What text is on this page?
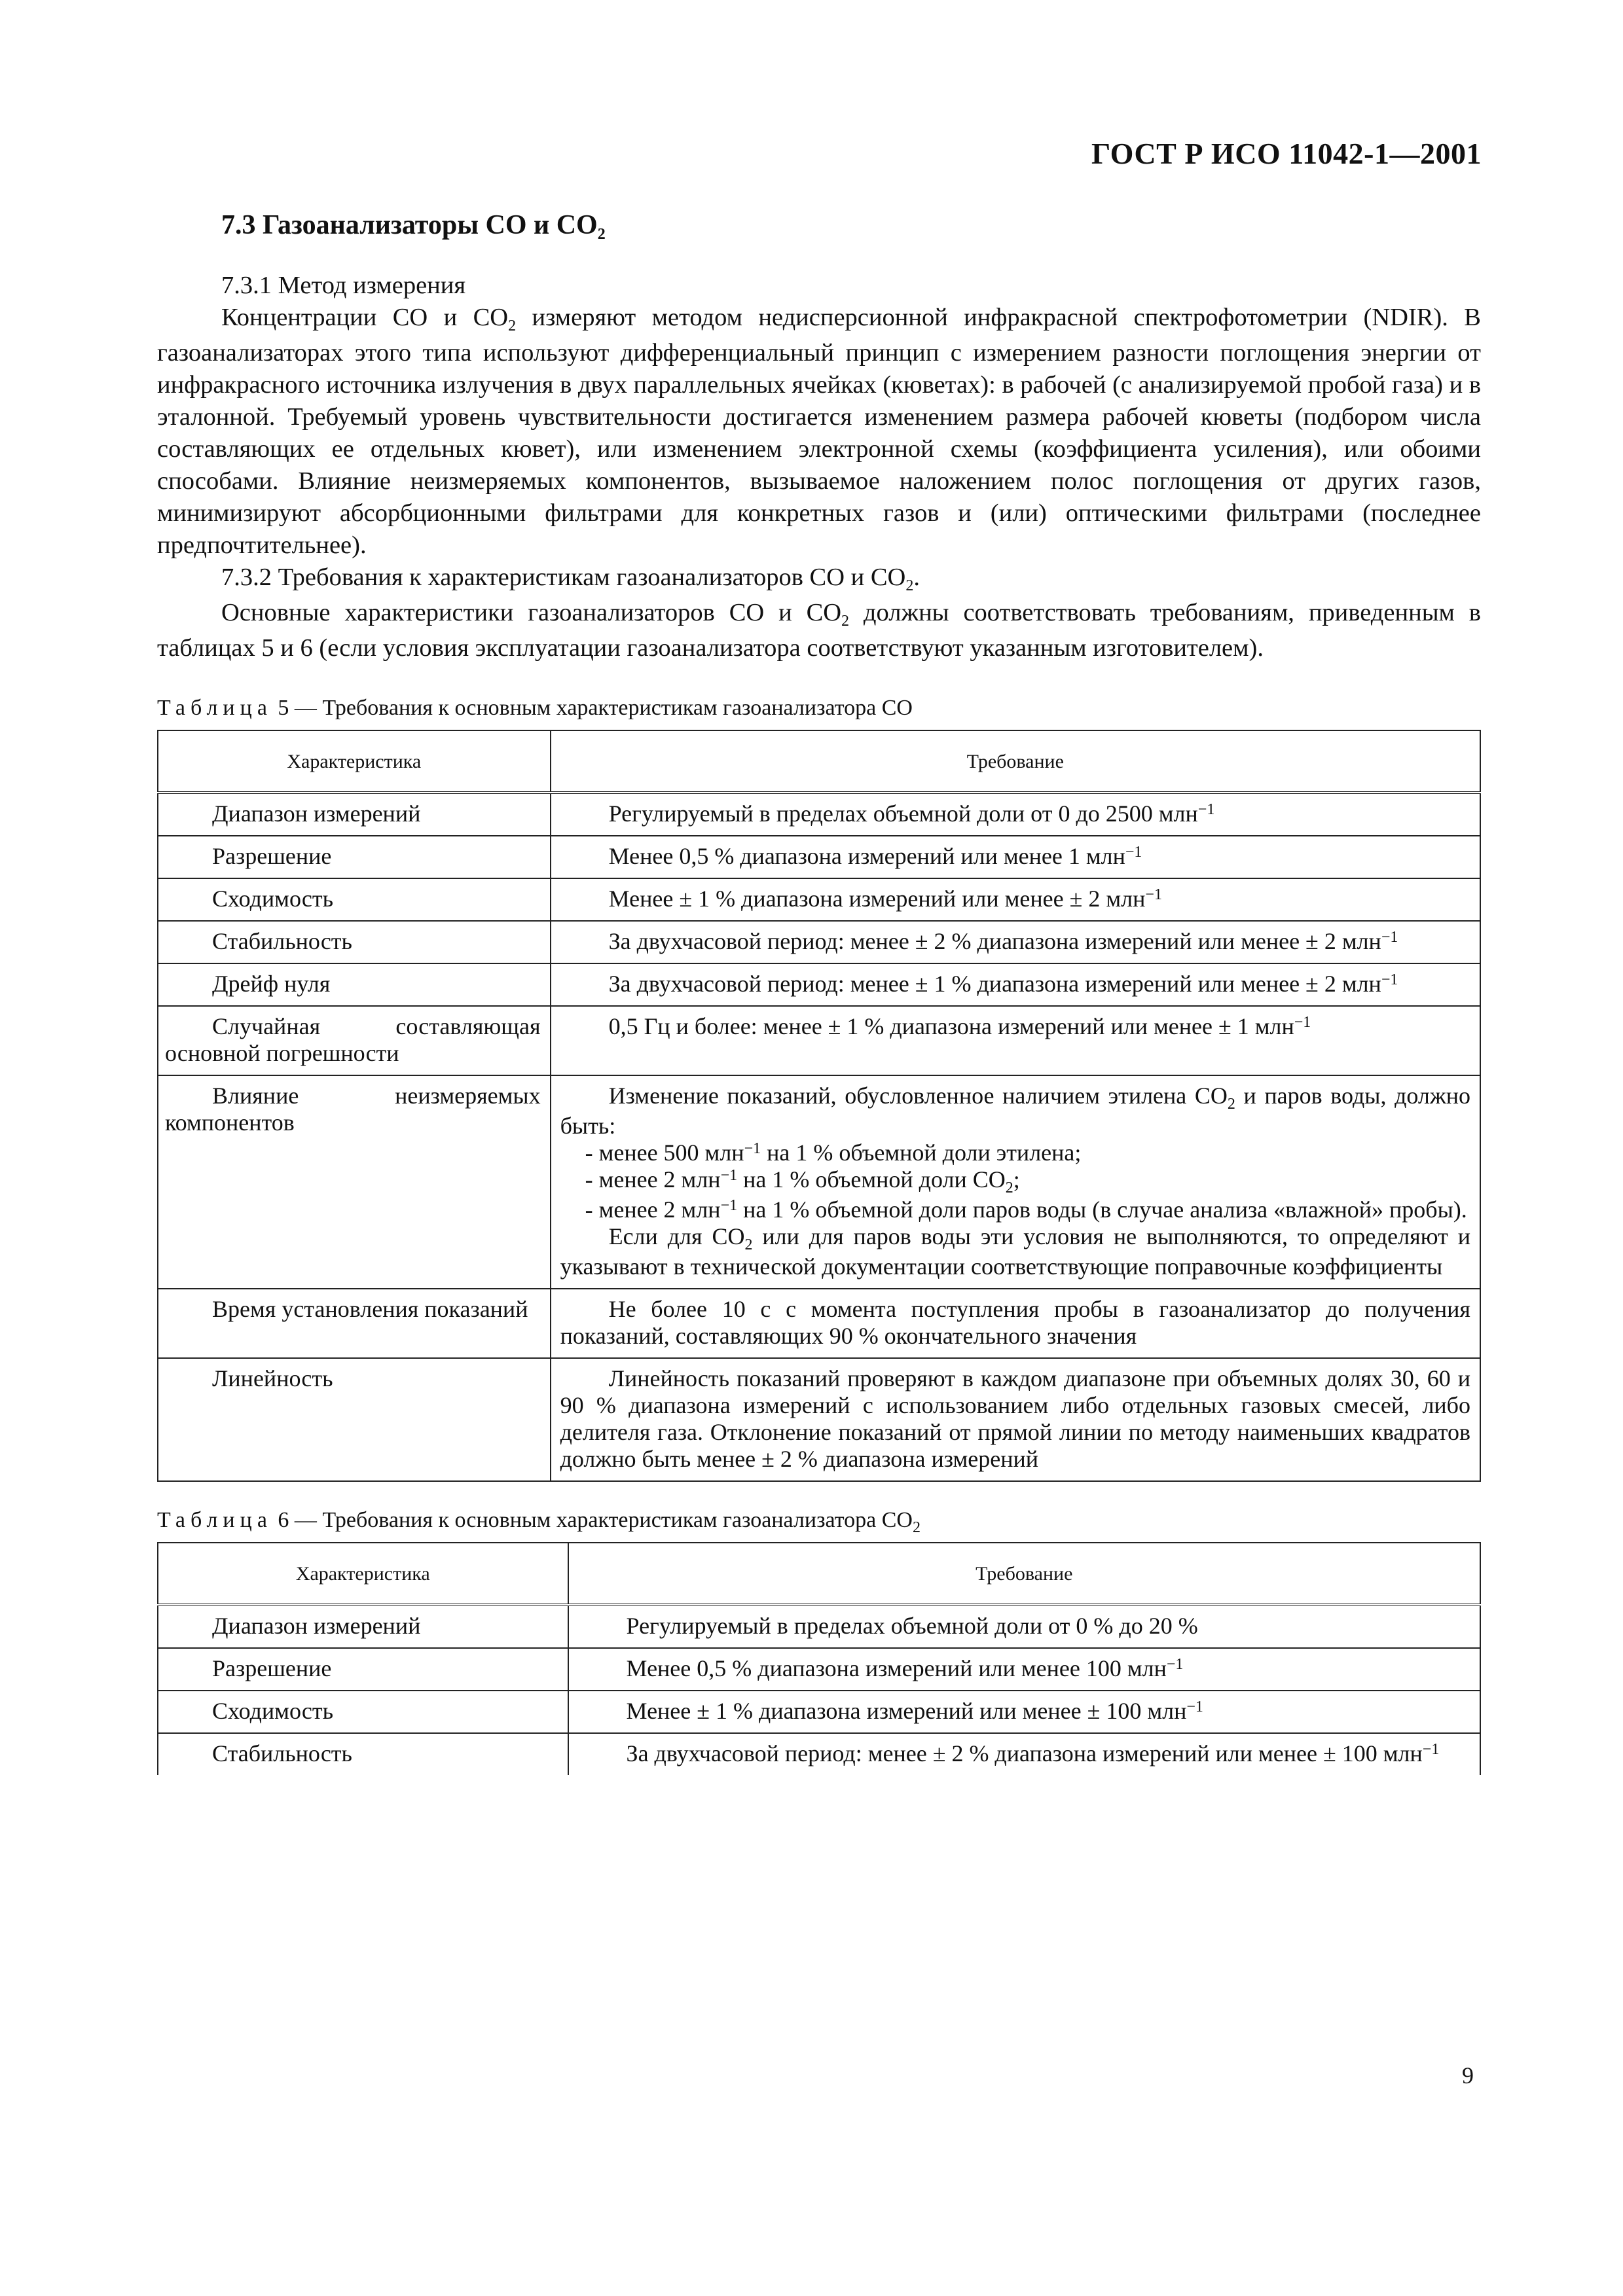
ГОСТ Р ИСО 11042-1—2001
7.3 Газоанализаторы СО и $СО_2$
7.3.1 Метод измерения
Концентрации СО и $СО_2$ измеряют методом недисперсионной инфракрасной спектрофотометрии (NDIR). В газоанализаторах этого типа используют дифференциальный принцип с измерением разности поглощения энергии от инфракрасного источника излучения в двух параллельных ячейках (кюветах): в рабочей (с анализируемой пробой газа) и в эталонной. Требуемый уровень чувствительности достигается изменением размера рабочей кюветы (подбором числа составляющих ее отдельных кювет), или изменением электронной схемы (коэффициента усиления), или обоими способами. Влияние неизмеряемых компонентов, вызываемое наложением полос поглощения от других газов, минимизируют абсорбционными фильтрами для конкретных газов и (или) оптическими фильтрами (последнее предпочтительнее).
7.3.2 Требования к характеристикам газоанализаторов СО и $СО_2$.
Основные характеристики газоанализаторов СО и $СО_2$ должны соответствовать требованиям, приведенным в таблицах 5 и 6 (если условия эксплуатации газоанализатора соответствуют указанным изготовителем).
Таблица 5 — Требования к основным характеристикам газоанализатора СО
Характеристика	Требование

Диапазон измерений	Регулируемый в пределах объемной доли от 0 до 2500 млн$^{-1}$

Разрешение	Менее 0,5 % диапазона измерений или менее 1 млн$^{-1}$

Сходимость	Менее ± 1 % диапазона измерений или менее ± 2 млн$^{-1}$

Стабильность	За двухчасовой период: менее ± 2 % диапазона измерений или менее ± 2 млн$^{-1}$

Дрейф нуля	За двухчасовой период: менее ± 1 % диапазона измерений или менее ± 2 млн$^{-1}$

Случайная составляющая основной погрешности	0,5 Гц и более: менее ± 1 % диапазона измерений или менее ± 1 млн$^{-1}$

Влияние неизмеряемых компонентов	Изменение показаний, обусловленное наличием этилена $СО_2$ и паров воды, должно быть:
- менее 500 млн$^{-1}$ на 1 % объемной доли этилена;
- менее 2 млн$^{-1}$ на 1 % объемной доли $СО_2$;
- менее 2 млн$^{-1}$ на 1 % объемной доли паров воды (в случае анализа «влажной» пробы).
Если для $СО_2$ или для паров воды эти условия не выполняются, то определяют и указывают в технической документации соответствующие поправочные коэффициенты

Время установления показаний	Не более 10 с с момента поступления пробы в газоанализатор до получения показаний, составляющих 90 % окончательного значения

Линейность	Линейность показаний проверяют в каждом диапазоне при объемных долях 30, 60 и 90 % диапазона измерений с использованием либо отдельных газовых смесей, либо делителя газа. Отклонение показаний от прямой линии по методу наименьших квадратов должно быть менее ± 2 % диапазона измерений
Таблица 6 — Требования к основным характеристикам газоанализатора $СО_2$
Характеристика	Требование

Диапазон измерений	Регулируемый в пределах объемной доли от 0 % до 20 %

Разрешение	Менее 0,5 % диапазона измерений или менее 100 млн$^{-1}$

Сходимость	Менее ± 1 % диапазона измерений или менее ± 100 млн$^{-1}$

Стабильность	За двухчасовой период: менее ± 2 % диапазона измерений или менее ± 100 млн$^{-1}$
9
